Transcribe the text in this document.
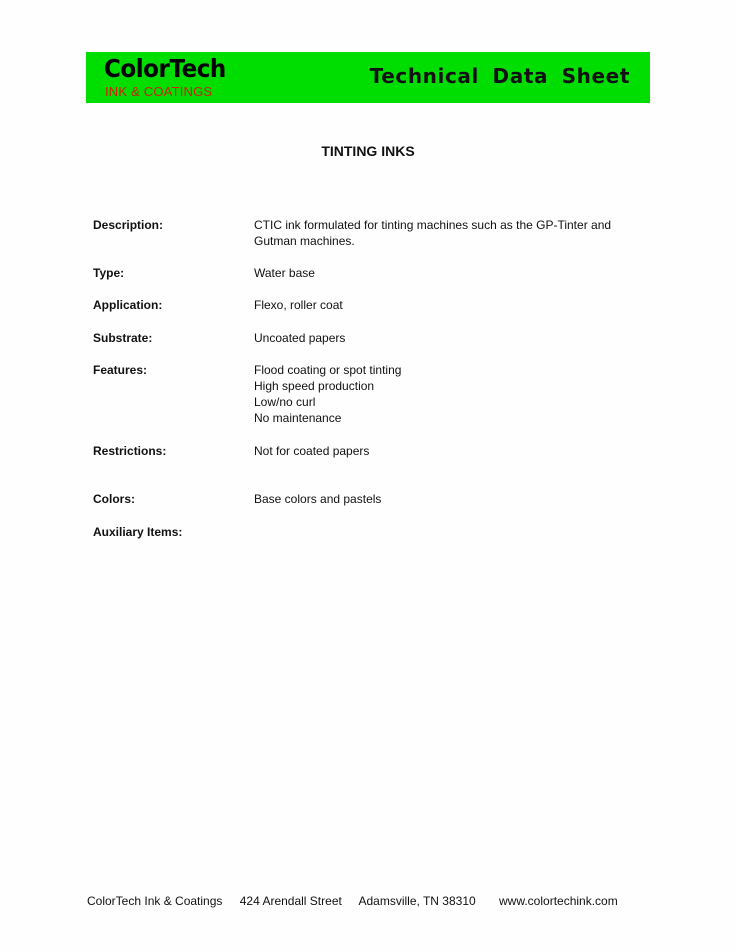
ColorTech
INK & COATINGS
Technical Data Sheet
TINTING INKS
Description:	CTIC ink formulated for tinting machines such as the GP-Tinter and
Gutman machines.
Type:	Water base
Application:	Flexo, roller coat
Substrate:	Uncoated papers
Features:	Flood coating or spot tinting
High speed production
Low/no curl
No maintenance
Restrictions:	Not for coated papers
Colors:	Base colors and pastels
Auxiliary Items:
ColorTech Ink & Coatings 424 Arendall Street Adamsville, TN 38310 www.colortechink.com
